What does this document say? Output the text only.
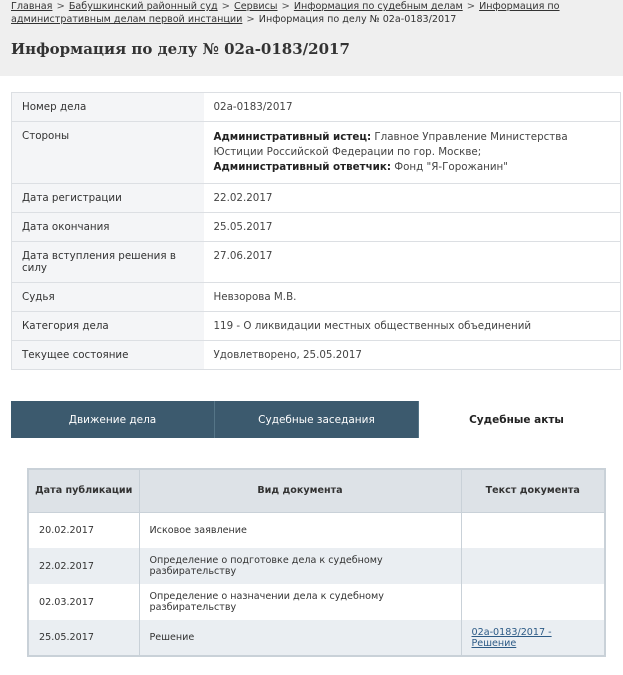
Главная > Бабушкинский районный суд > Сервисы > Информация по судебным делам > Информация по административным делам первой инстанции > Информация по делу № 02а-0183/2017
Информация по делу № 02а-0183/2017
Номер дела	02а-0183/2017
Стороны	Административный истец: Главное Управление Министерства Юстиции Российской Федерации по гор. Москве;
Административный ответчик: Фонд "Я-Горожанин"
Дата регистрации	22.02.2017
Дата окончания	25.05.2017
Дата вступления решения в силу	27.06.2017
Судья	Невзорова М.В.
Категория дела	119 - О ликвидации местных общественных объединений
Текущее состояние	Удовлетворено, 25.05.2017
Движение дела	Судебные заседания	Судебные акты
Дата публикации	Вид документа	Текст документа
20.02.2017	Исковое заявление	
22.02.2017	Определение о подготовке дела к судебному разбирательству	
02.03.2017	Определение о назначении дела к судебному разбирательству	
25.05.2017	Решение	02а-0183/2017 - Решение
